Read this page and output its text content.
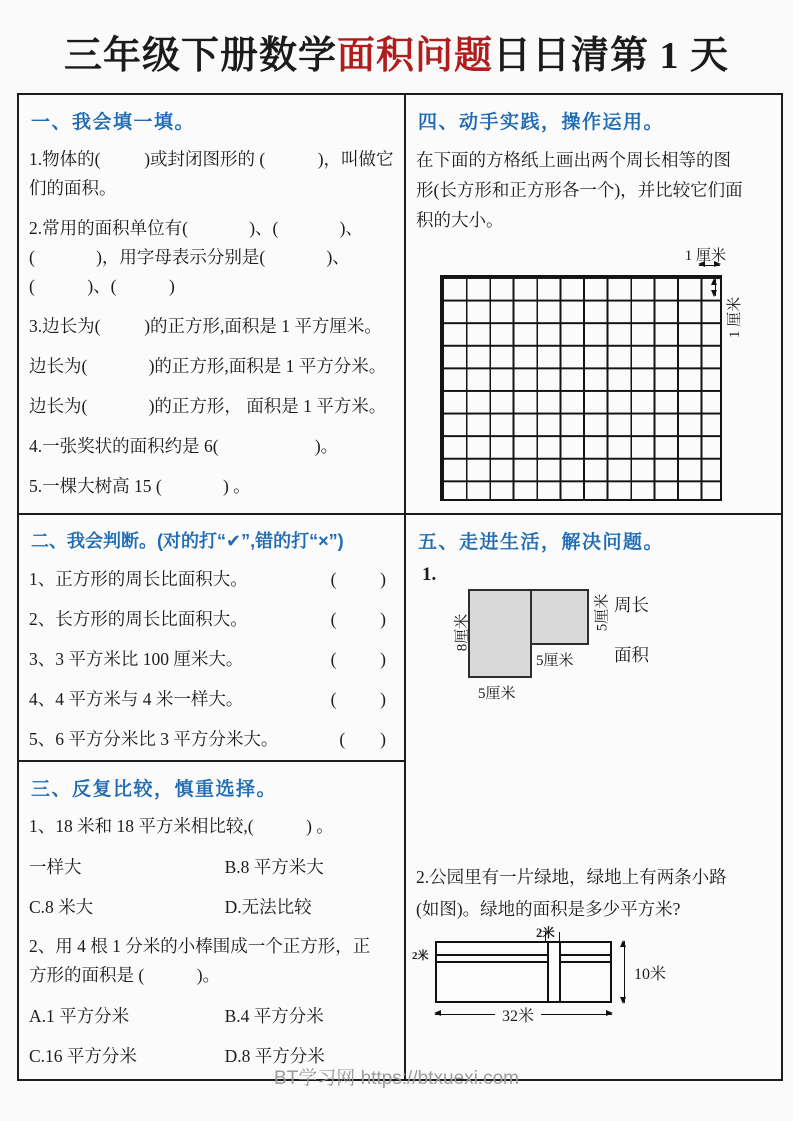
三年级下册数学面积问题日日清第 1 天
一、我会填一填。
1.物体的(          )或封闭图形的 (            )，叫做它
们的面积。
2.常用的面积单位有(              )、(              )、
(              )，用字母表示分别是(              )、
(            )、(            )
3.边长为(          )的正方形,面积是 1 平方厘米。
边长为(              )的正方形,面积是 1 平方分米。
边长为(              )的正方形， 面积是 1 平方米。
4.一张奖状的面积约是 6(                      )。
5.一棵大树高 15 (              ) 。
二、我会判断。(对的打“✔”,错的打“×”)
1、正方形的周长比面积大。	(          )
2、长方形的周长比面积大。	(          )
3、3 平方米比 100 厘米大。	(          )
4、4 平方米与 4 米一样大。	(          )
5、6 平方分米比 3 平方分米大。	(        )
三、反复比较，慎重选择。
1、18 米和 18 平方米相比较,(            ) 。
一样大	B.8 平方米大
C.8 米大	D.无法比较
2、用 4 根 1 分米的小棒围成一个正方形，正
方形的面积是 (            )。
A.1 平方分米	B.4 平方分米
C.16 平方分米	D.8 平方分米
四、动手实践，操作运用。
在下面的方格纸上画出两个周长相等的图
形(长方形和正方形各一个)，并比较它们面
积的大小。
1 厘米
1 厘米
五、走进生活，解决问题。
1.
8厘米
5厘米
5厘米
5厘米
周长
面积
2.公园里有一片绿地，绿地上有两条小路
(如图)。绿地的面积是多少平方米?
2米
2米
10米
32米
BT学习网 https://btxuexi.com
